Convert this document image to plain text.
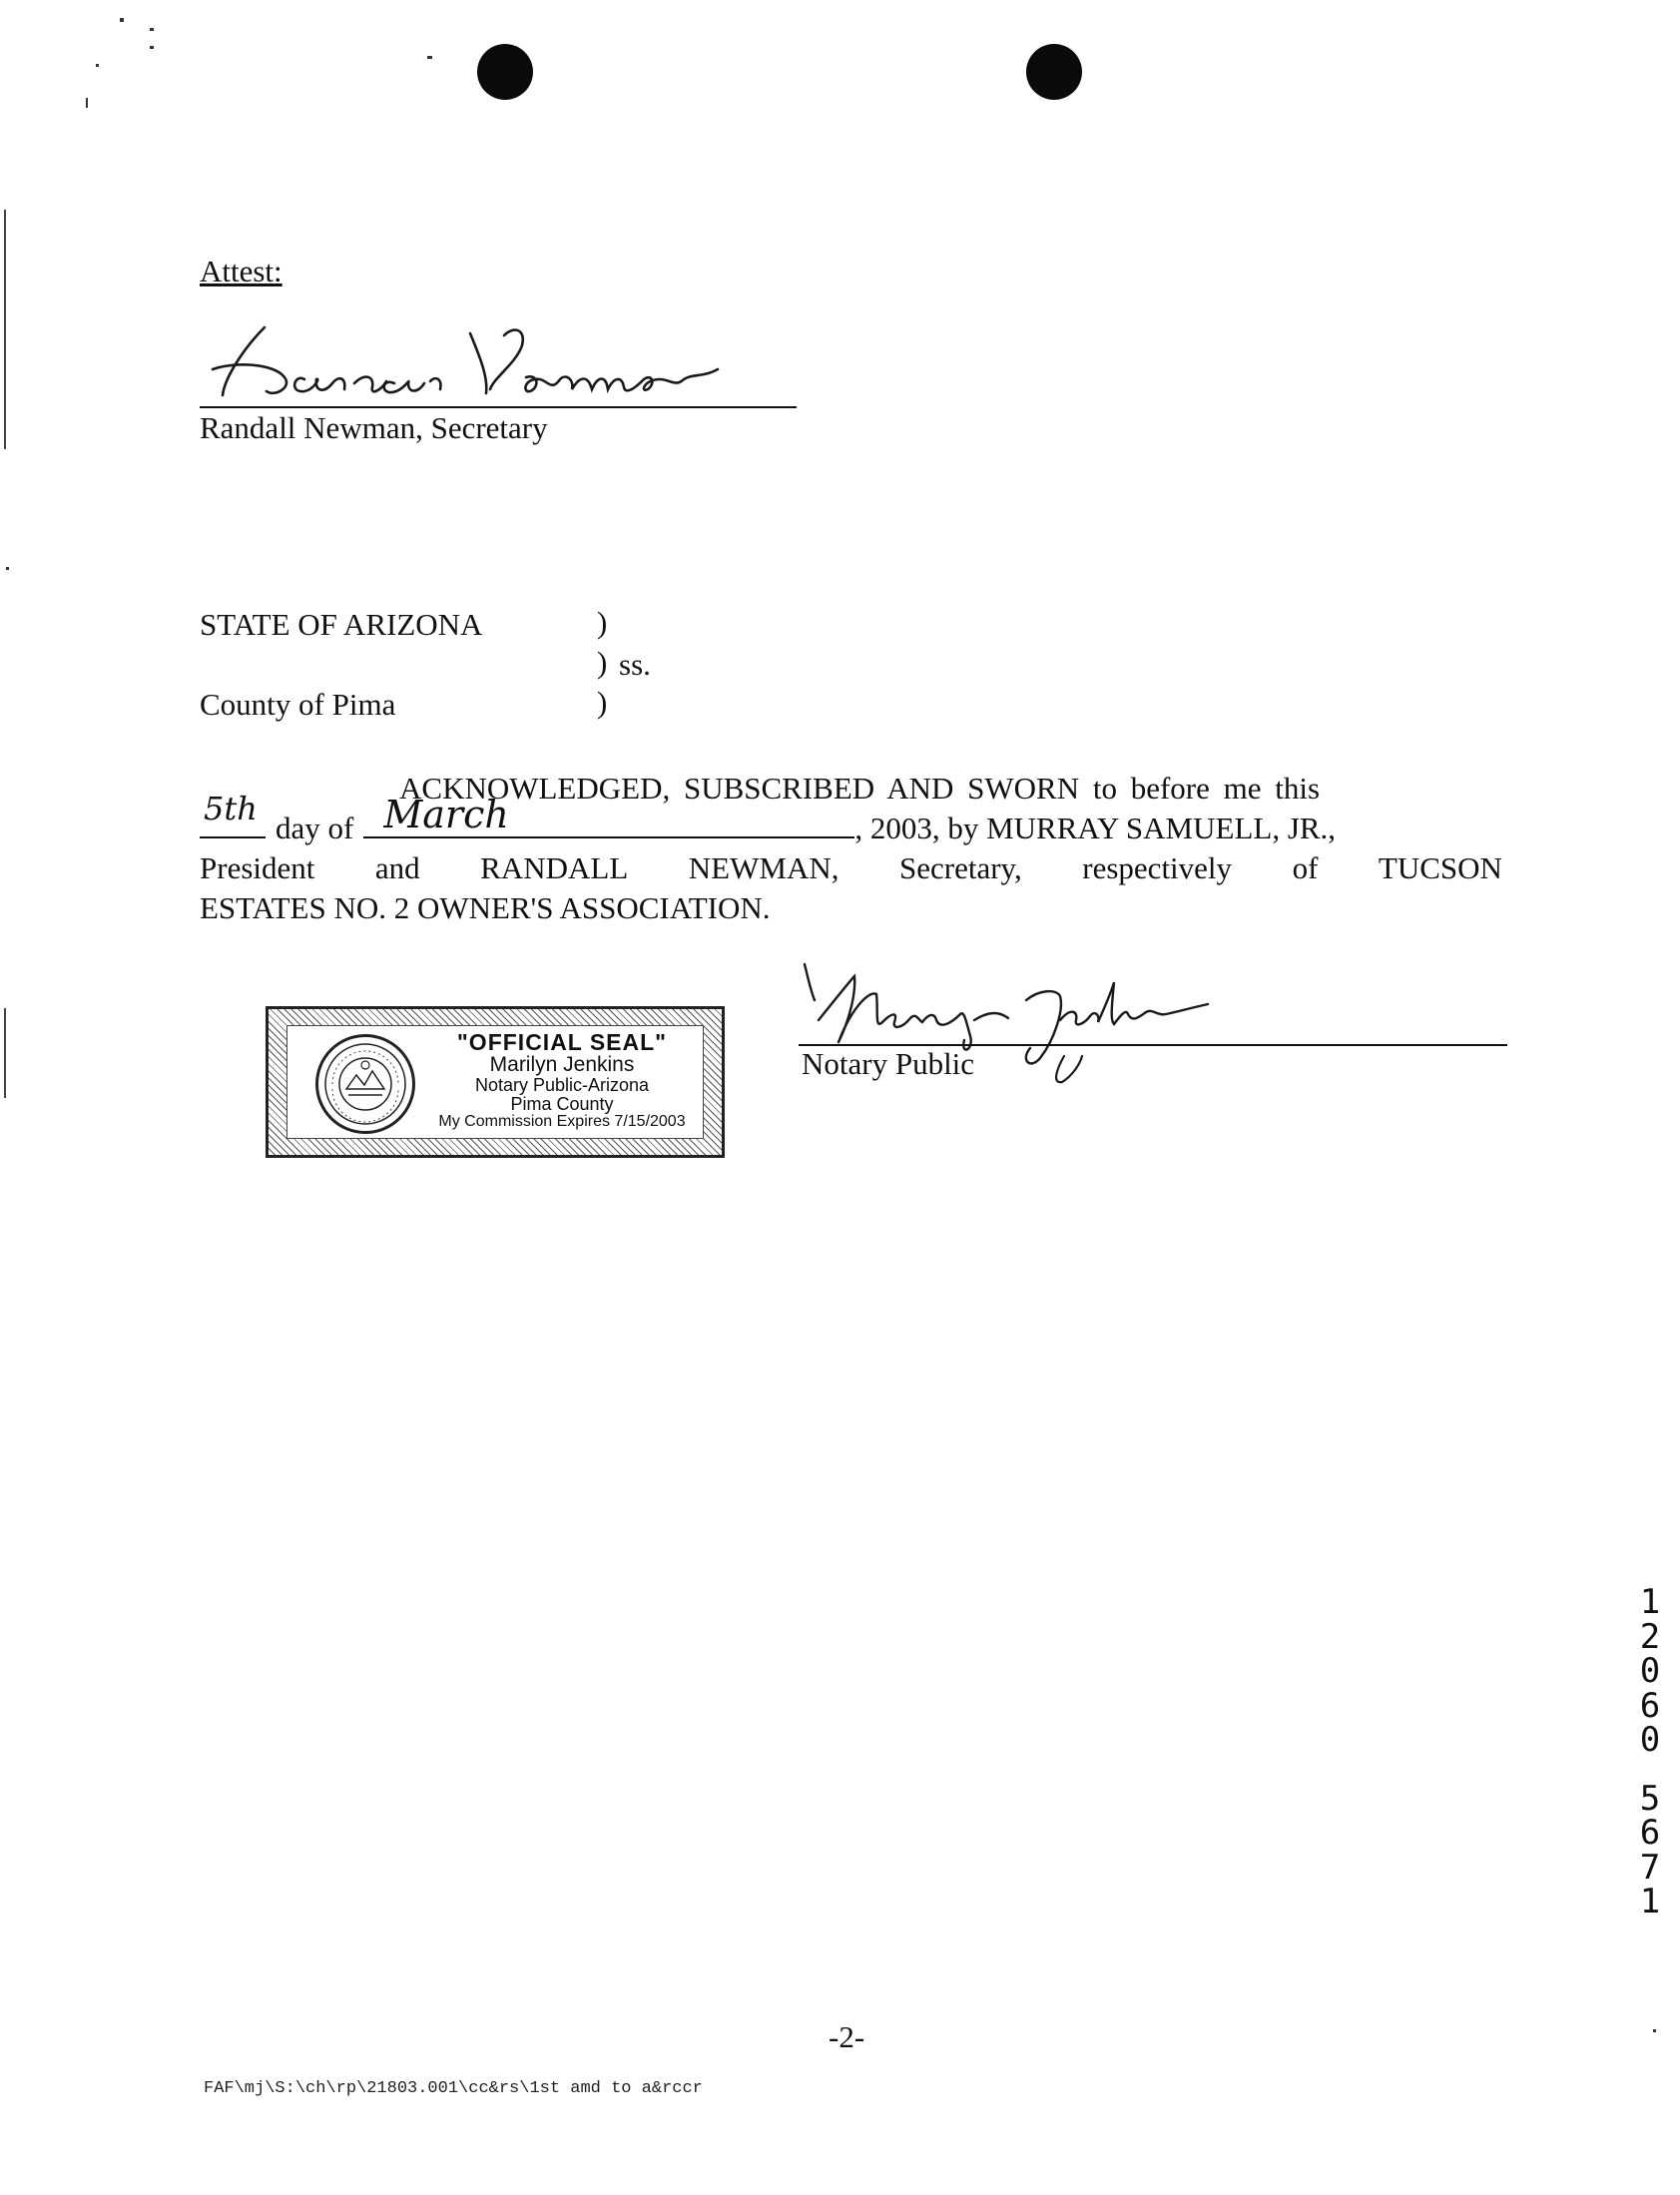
Attest:
Randall Newman, Secretary
STATE OF ARIZONA	)
) ss.
County of Pima	)
ACKNOWLEDGED, SUBSCRIBED AND SWORN to before me this
5th
day of March	, 2003, by MURRAY SAMUELL, JR.,
President and RANDALL NEWMAN, Secretary, respectively of TUCSON
ESTATES NO. 2 OWNER'S ASSOCIATION.
"OFFICIAL SEAL"
Marilyn Jenkins
Notary Public-Arizona
Pima County
My Commission Expires 7/15/2003
Notary Public
1
2
0
6
0
5
6
7
1
-2-
FAF\mj\S:\ch\rp\21803.001\cc&rs\1st amd to a&rccr
